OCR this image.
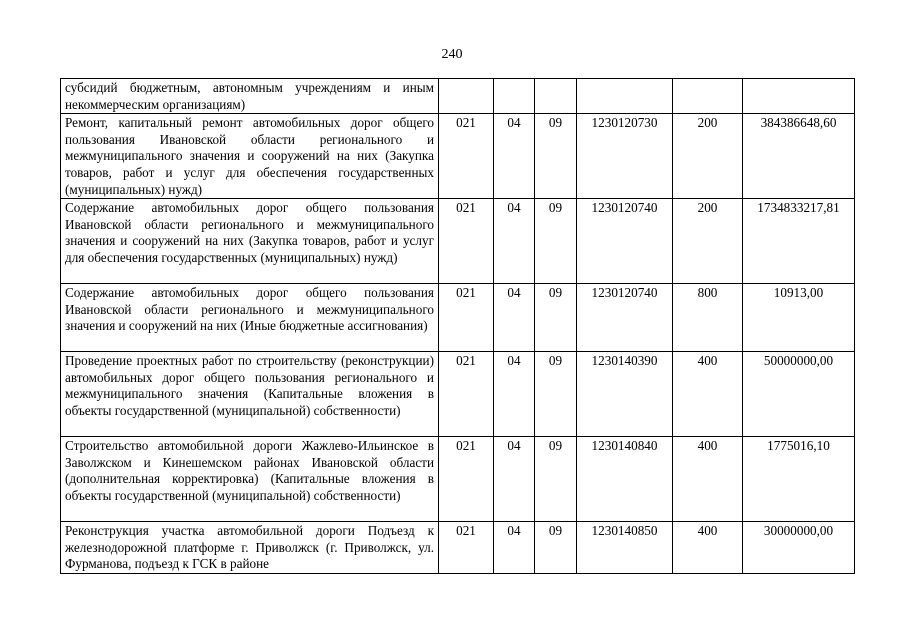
240
субсидий бюджетным, автономным учреждениям и иным некоммерческим организациям)						
Ремонт, капитальный ремонт автомобильных дорог общего пользования Ивановской области регионального и межмуниципального значения и сооружений на них (Закупка товаров, работ и услуг для обеспечения государственных (муниципальных) нужд)	021	04	09	1230120730	200	384386648,60
Содержание автомобильных дорог общего пользования Ивановской области регионального и межмуниципального значения и сооружений на них (Закупка товаров, работ и услуг для обеспечения государственных (муниципальных) нужд)	021	04	09	1230120740	200	1734833217,81
Содержание автомобильных дорог общего пользования Ивановской области регионального и межмуниципального значения и сооружений на них (Иные бюджетные ассигнования)	021	04	09	1230120740	800	10913,00
Проведение проектных работ по строительству (реконструкции) автомобильных дорог общего пользования регионального и межмуниципального значения (Капитальные вложения в объекты государственной (муниципальной) собственности)	021	04	09	1230140390	400	50000000,00
Строительство автомобильной дороги Жажлево-Ильинское в Заволжском и Кинешемском районах Ивановской области (дополнительная корректировка) (Капитальные вложения в объекты государственной (муниципальной) собственности)	021	04	09	1230140840	400	1775016,10
Реконструкция участка автомобильной дороги Подъезд к железнодорожной платформе г. Приволжск (г. Приволжск, ул. Фурманова, подъезд к ГСК в районе	021	04	09	1230140850	400	30000000,00
